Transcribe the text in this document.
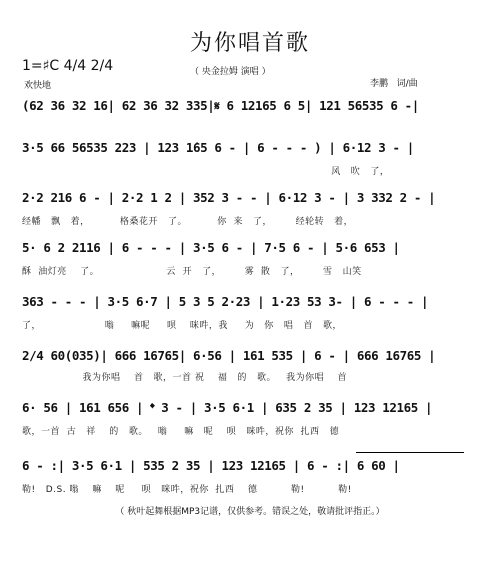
为你唱首歌
（ 央金拉姆 演唱 ）
1=♯C 4/4 2/4
欢快地	李鹏   词/曲
(62 36 32 16| 62 36 32 335|𝄋 6 12165 6 5| 121 56535 6 -|
3·5 66 56535 223 | 123 1̇65 6 - | 6 - - - ) | 6·12 3 - |
风   吹   了，
2·2 216 6 - | 2·2 1 2 | 352 3 - - | 6·12 3 - | 3 332 2 - |
经幡   飘   着，         格桑花开   了。         你  来   了，       经轮转   着，
5· 6 2 2116 | 6 - - - | 3·5 6 - | 7·5 6 - | 5·6 653 |
酥  油灯亮    了。                    云  开   了，       雾  散   了，       雪   山笑
363 - - - | 3·5 6·7 | 5 3 5 2·23 | 1·23 53 3- | 6 - - - |
了，                   嗡     嘛呢     呗    咪吽，我     为   你   唱   首   歌，
2/4 60(035)| 666 16765| 6·56 | 161 535 | 6 - | 666 16765 |
我为你唱    首   歌，一首 祝    福   的   歌。   我为你唱    首
6· 56 | 161 656 | 𝄌 3 - | 3·5 6·1 | 635 2 35 | 123 12165 |
歌，一首  古   祥    的   歌。   嗡     嘛   呢    呗   咪吽，祝你  扎西   德
6 - :| 3·5 6·1 | 535 2 35 | 123 12165 | 6 - :| 6 60 |
勒!   D.S. 嗡    嘛    呢     呗   咪吽，祝你  扎西    德          勒!          勒!
（ 秋叶起舞根据MP3记谱，仅供参考。错误之处，敬请批评指正。）
